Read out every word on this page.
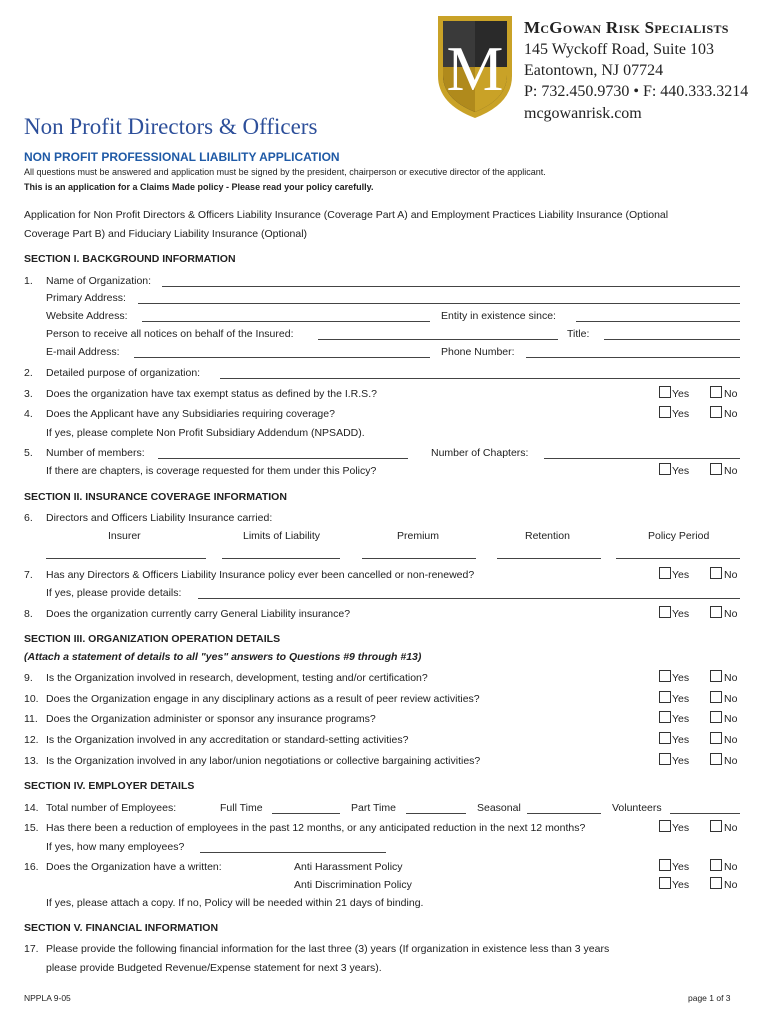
M
McGowan Risk Specialists
145 Wyckoff Road, Suite 103
Eatontown, NJ 07724
P: 732.450.9730 • F: 440.333.3214
mcgowanrisk.com
Non Profit Directors & Officers
NON PROFIT PROFESSIONAL LIABILITY APPLICATION
All questions must be answered and application must be signed by the president, chairperson or executive director of the applicant.
This is an application for a Claims Made policy - Please read your policy carefully.
Application for Non Profit Directors & Officers Liability Insurance (Coverage Part A) and Employment Practices Liability Insurance (Optional
Coverage Part B) and Fiduciary Liability Insurance (Optional)
SECTION I. BACKGROUND INFORMATION
1. Name of Organization:
Primary Address:
Website Address:	Entity in existence since:
Person to receive all notices on behalf of the Insured:	Title:
E-mail Address:	Phone Number:
2. Detailed purpose of organization:
3. Does the organization have tax exempt status as defined by the I.R.S.?	Yes	No
4. Does the Applicant have any Subsidiaries requiring coverage?	Yes	No
If yes, please complete Non Profit Subsidiary Addendum (NPSADD).
5. Number of members:	Number of Chapters:
If there are chapters, is coverage requested for them under this Policy?	Yes	No
SECTION II. INSURANCE COVERAGE INFORMATION
6. Directors and Officers Liability Insurance carried:
Insurer	Limits of Liability	Premium	Retention	Policy Period
7. Has any Directors & Officers Liability Insurance policy ever been cancelled or non-renewed?	Yes	No
If yes, please provide details:
8. Does the organization currently carry General Liability insurance?	Yes	No
SECTION III. ORGANIZATION OPERATION DETAILS
(Attach a statement of details to all "yes" answers to Questions #9 through #13)
9. Is the Organization involved in research, development, testing and/or certification?	Yes	No
10. Does the Organization engage in any disciplinary actions as a result of peer review activities?	Yes	No
11. Does the Organization administer or sponsor any insurance programs?	Yes	No
12. Is the Organization involved in any accreditation or standard-setting activities?	Yes	No
13. Is the Organization involved in any labor/union negotiations or collective bargaining activities?	Yes	No
SECTION IV. EMPLOYER DETAILS
14. Total number of Employees:	Full Time	Part Time	Seasonal	Volunteers
15. Has there been a reduction of employees in the past 12 months, or any anticipated reduction in the next 12 months?	Yes	No
If yes, how many employees?
16. Does the Organization have a written:	Anti Harassment Policy	Yes	No
Anti Discrimination Policy	Yes	No
If yes, please attach a copy. If no, Policy will be needed within 21 days of binding.
SECTION V. FINANCIAL INFORMATION
17. Please provide the following financial information for the last three (3) years (If organization in existence less than 3 years
please provide Budgeted Revenue/Expense statement for next 3 years).
NPPLA 9-05	page 1 of 3
